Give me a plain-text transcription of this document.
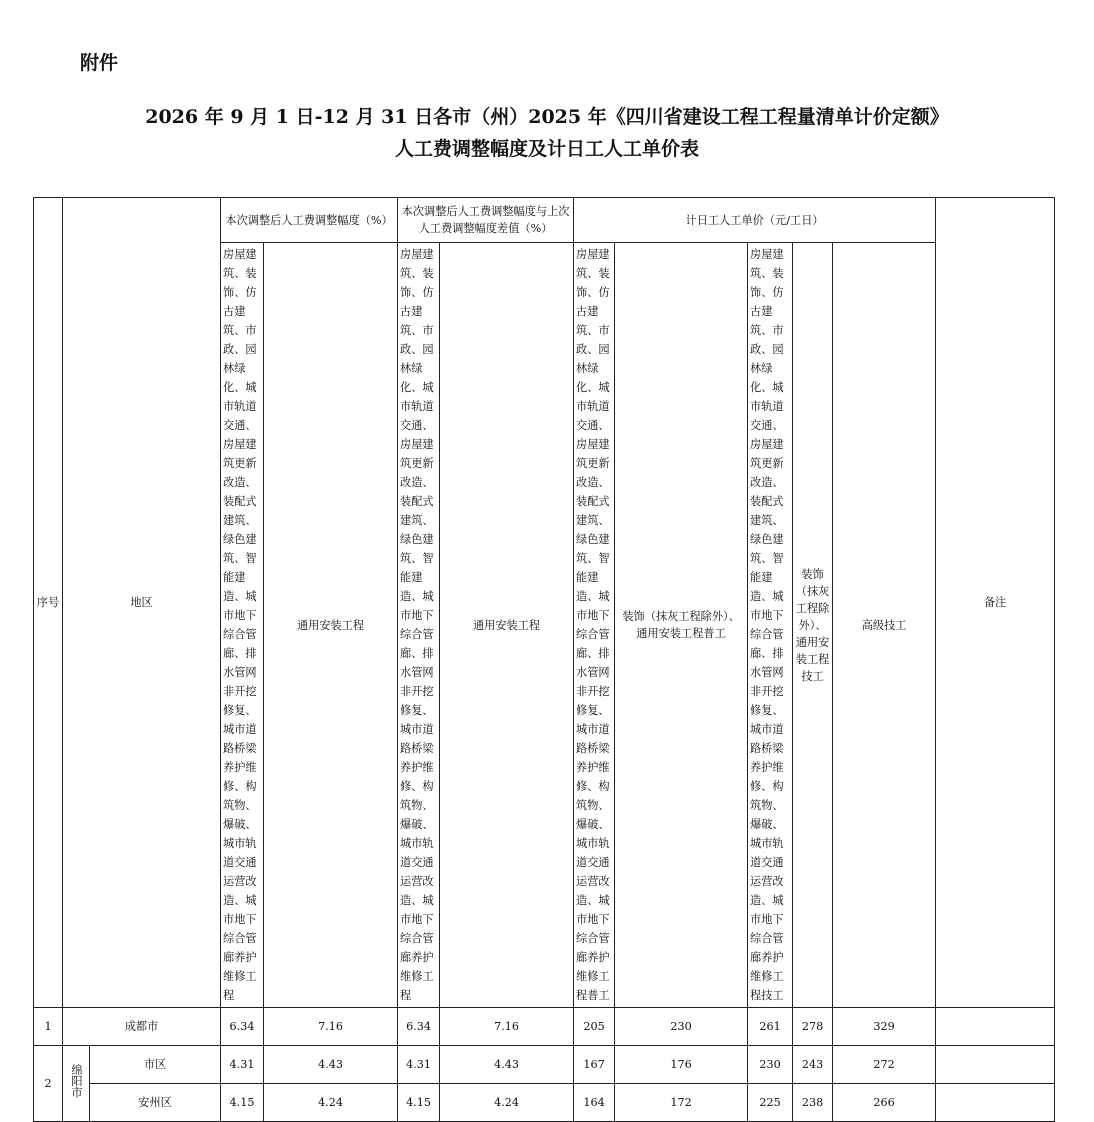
附件
2026 年 9 月 1 日-12 月 31 日各市（州）2025 年《四川省建设工程工程量清单计价定额》
人工费调整幅度及计日工人工单价表
序号	地区		本次调整后人工费调整幅度（%）		本次调整后人工费调整幅度与上次人工费调整幅度差值（%）		计日工人工单价（元/工日）					备注
			房屋建筑、装饰、仿古建筑、市政、园林绿化、城市轨道交通、房屋建筑更新改造、装配式建筑、绿色建筑、智能建造、城市地下综合管廊、排水管网非开挖修复、城市道路桥梁养护维修、构筑物、爆破、城市轨道交通运营改造、城市地下综合管廊养护维修工程	通用安装工程	房屋建筑、装饰、仿古建筑、市政、园林绿化、城市轨道交通、房屋建筑更新改造、装配式建筑、绿色建筑、智能建造、城市地下综合管廊、排水管网非开挖修复、城市道路桥梁养护维修、构筑物、爆破、城市轨道交通运营改造、城市地下综合管廊养护维修工程	通用安装工程	房屋建筑、装饰、仿古建筑、市政、园林绿化、城市轨道交通、房屋建筑更新改造、装配式建筑、绿色建筑、智能建造、城市地下综合管廊、排水管网非开挖修复、城市道路桥梁养护维修、构筑物、爆破、城市轨道交通运营改造、城市地下综合管廊养护维修工程普工	装饰（抹灰工程除外）、通用安装工程普工	房屋建筑、装饰、仿古建筑、市政、园林绿化、城市轨道交通、房屋建筑更新改造、装配式建筑、绿色建筑、智能建造、城市地下综合管廊、排水管网非开挖修复、城市道路桥梁养护维修、构筑物、爆破、城市轨道交通运营改造、城市地下综合管廊养护维修工程技工	装饰（抹灰工程除外）、通用安装工程技工	高级技工	
1	成都市		6.34	7.16	6.34	7.16	205	230	261	278	329	
2	绵阳市	市区	4.31	4.43	4.31	4.43	167	176	230	243	272	
		安州区	4.15	4.24	4.15	4.24	164	172	225	238	266	
